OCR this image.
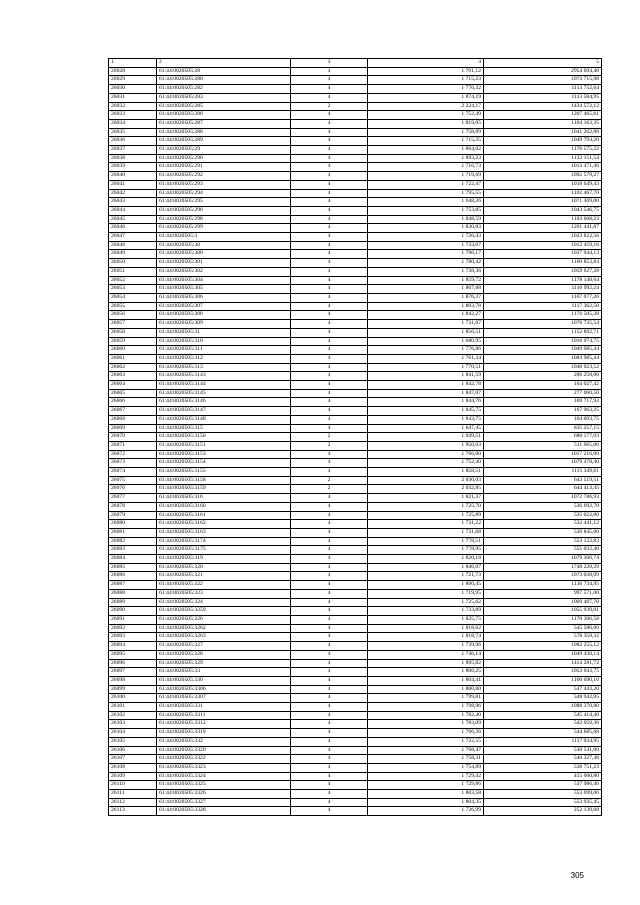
1	2	3	4	5
26028	61:44:0020505:28	4	1 701,12	2954 694,40
26029	61:44:0020505:280	4	1 715,23	1073 715,98
26030	61:44:0020505:282	4	1 776,32	1113 752,64
26031	61:44:0020505:283	4	1 874,19	1113 584,95
26032	61:44:0020505:285	2	2 224,17	1434 572,12
26033	61:44:0020505:286	4	1 752,49	1207 465,61
26034	61:44:0020505:287	4	1 819,05	1104 163,35
26035	61:44:0020505:288	4	1 758,89	1041 262,88
26036	61:44:0020505:289	4	1 715,35	1049 794,20
26037	61:44:0020505:29	4	1 864,62	1176 575,22
26038	61:44:0020505:290	4	1 893,23	1132 151,54
26039	61:44:0020505:291	4	1 716,73	1013 471,46
26040	61:44:0020505:292	4	1 719,69	1092 579,27
26041	61:44:0020505:293	4	1 722,47	1018 649,43
26042	61:44:0020505:294	4	1 795,55	1102 467,70
26043	61:44:0020505:295	4	1 648,26	1071 369,00
26044	61:44:0020505:296	4	1 753,85	1043 546,75
26045	61:44:0020505:298	4	1 848,59	1103 608,23
26046	61:44:0020505:299	4	1 830,83	1261 441,87
26047	61:44:0020505:3	4	1 726,43	1023 822,56
26048	61:44:0020505:30	4	1 733,67	1013 459,16
26049	61:44:0020505:300	4	1 796,17	1037 944,13
26050	61:44:0020505:301	4	1 780,42	1160 853,84
26051	61:44:0020505:302	4	1 738,36	1059 627,28
26052	61:44:0020505:304	4	1 859,72	1178 148,64
26053	61:44:0020505:305	4	1 867,88	1116 992,24
26054	61:44:0020505:306	4	1 876,37	1167 077,26
26055	61:44:0020505:307	4	1 803,78	1117 362,50
26056	61:44:0020505:308	4	1 842,27	1176 505,28
26057	61:44:0020505:309	4	1 731,07	1076 735,54
26058	61:44:0020505:31	4	1 856,51	1152 892,71
26059	61:44:0020505:310	4	1 680,95	1016 974,75
26060	61:44:0020505:311	4	1 776,86	1049 085,44
26061	61:44:0020505:312	4	1 761,34	1084 985,44
26062	61:44:0020505:313	4	1 770,51	1048 023,52
26063	61:44:0020505:3143	4	1 841,59	206 258,06
26064	61:44:0020505:3144	4	1 842,78	164 027,42
26065	61:44:0020505:3145	4	1 847,07	277 060,50
26066	61:44:0020505:3146	4	1 844,76	169 717,92
26067	61:44:0020505:3147	4	1 845,75	167 963,25
26068	61:44:0020505:3148	4	1 843,75	164 093,75
26069	61:44:0020505:315	4	1 647,45	835 257,15
26070	61:44:0020505:3150	2	1 949,51	688 177,03
26071	61:44:0020505:3151	2	1 950,63	511 065,06
26072	61:44:0020505:3153	4	1 766,00	1017 216,00
26073	61:44:0020505:3154	4	1 752,40	1079 478,40
26074	61:44:0020505:3155	4	1 858,51	1115 349,61
26075	61:44:0020505:3158	2	2 030,03	643 519,51
26076	61:44:0020505:3159	2	2 032,85	644 413,45
26077	61:44:0020505:316	4	1 821,37	1072 786,93
26078	61:44:0020505:3160	4	1 725,70	536 692,70
26079	61:44:0020505:3161	4	1 725,89	535 022,80
26080	61:44:0020505:3162	4	1 731,22	532 441,12
26081	61:44:0020505:3163	4	1 731,68	530 845,60
26082	61:44:0020505:3174	4	1 778,51	553 122,83
26083	61:44:0020505:3175	4	1 778,95	555 032,40
26084	61:44:0020505:319	4	1 820,18	1079 366,74
26085	61:44:0020505:320	4	1 846,07	1748 228,29
26086	61:44:0020505:321	4	1 721,73	1073 038,09
26087	61:44:0020505:322	4	1 860,45	1136 734,95
26088	61:44:0020505:323	4	1 719,95	997 571,00
26089	61:44:0020505:324	4	1 725,62	1009 487,70
26090	61:44:0020505:3259	4	1 733,89	1055 939,01
26091	61:44:0020505:326	4	1 825,75	1170 306,58
26092	61:44:0020505:3262	4	1 818,62	545 586,00
26093	61:44:0020505:3263	4	1 818,74	578 359,32
26094	61:44:0020505:327	4	1 739,96	1082 255,12
26095	61:44:0020505:328	4	1 746,14	1049 430,14
26096	61:44:0020505:329	4	1 895,82	1414 281,72
26097	61:44:0020505:33	4	1 806,25	1053 043,75
26098	61:44:0020505:330	4	1 804,41	1100 690,10
26099	61:44:0020505:3306	4	1 800,80	547 443,20
26100	61:44:0020505:3307	4	1 799,81	548 942,05
26101	61:44:0020505:331	4	1 798,96	1088 370,80
26102	61:44:0020505:3311	4	1 782,40	545 414,40
26103	61:44:0020505:3312	4	1 783,09	542 059,36
26104	61:44:0020505:3319	4	1 766,36	544 685,68
26105	61:44:0020505:332	4	1 722,55	1117 934,95
26106	61:44:0020505:3320	4	1 768,47	530 541,00
26107	61:44:0020505:3322	4	1 758,31	540 327,48
26108	61:44:0020505:3323	4	1 754,89	538 751,23
26109	61:44:0020505:3324	4	1 729,42	415 060,80
26110	61:44:0020505:3325	4	1 729,86	537 986,46
26111	61:44:0020505:3326	4	1 803,58	553 699,06
26112	61:44:0020505:3327	4	1 804,35	553 935,45
26113	61:44:0020505:3328	4	1 726,99	252 139,08
305
